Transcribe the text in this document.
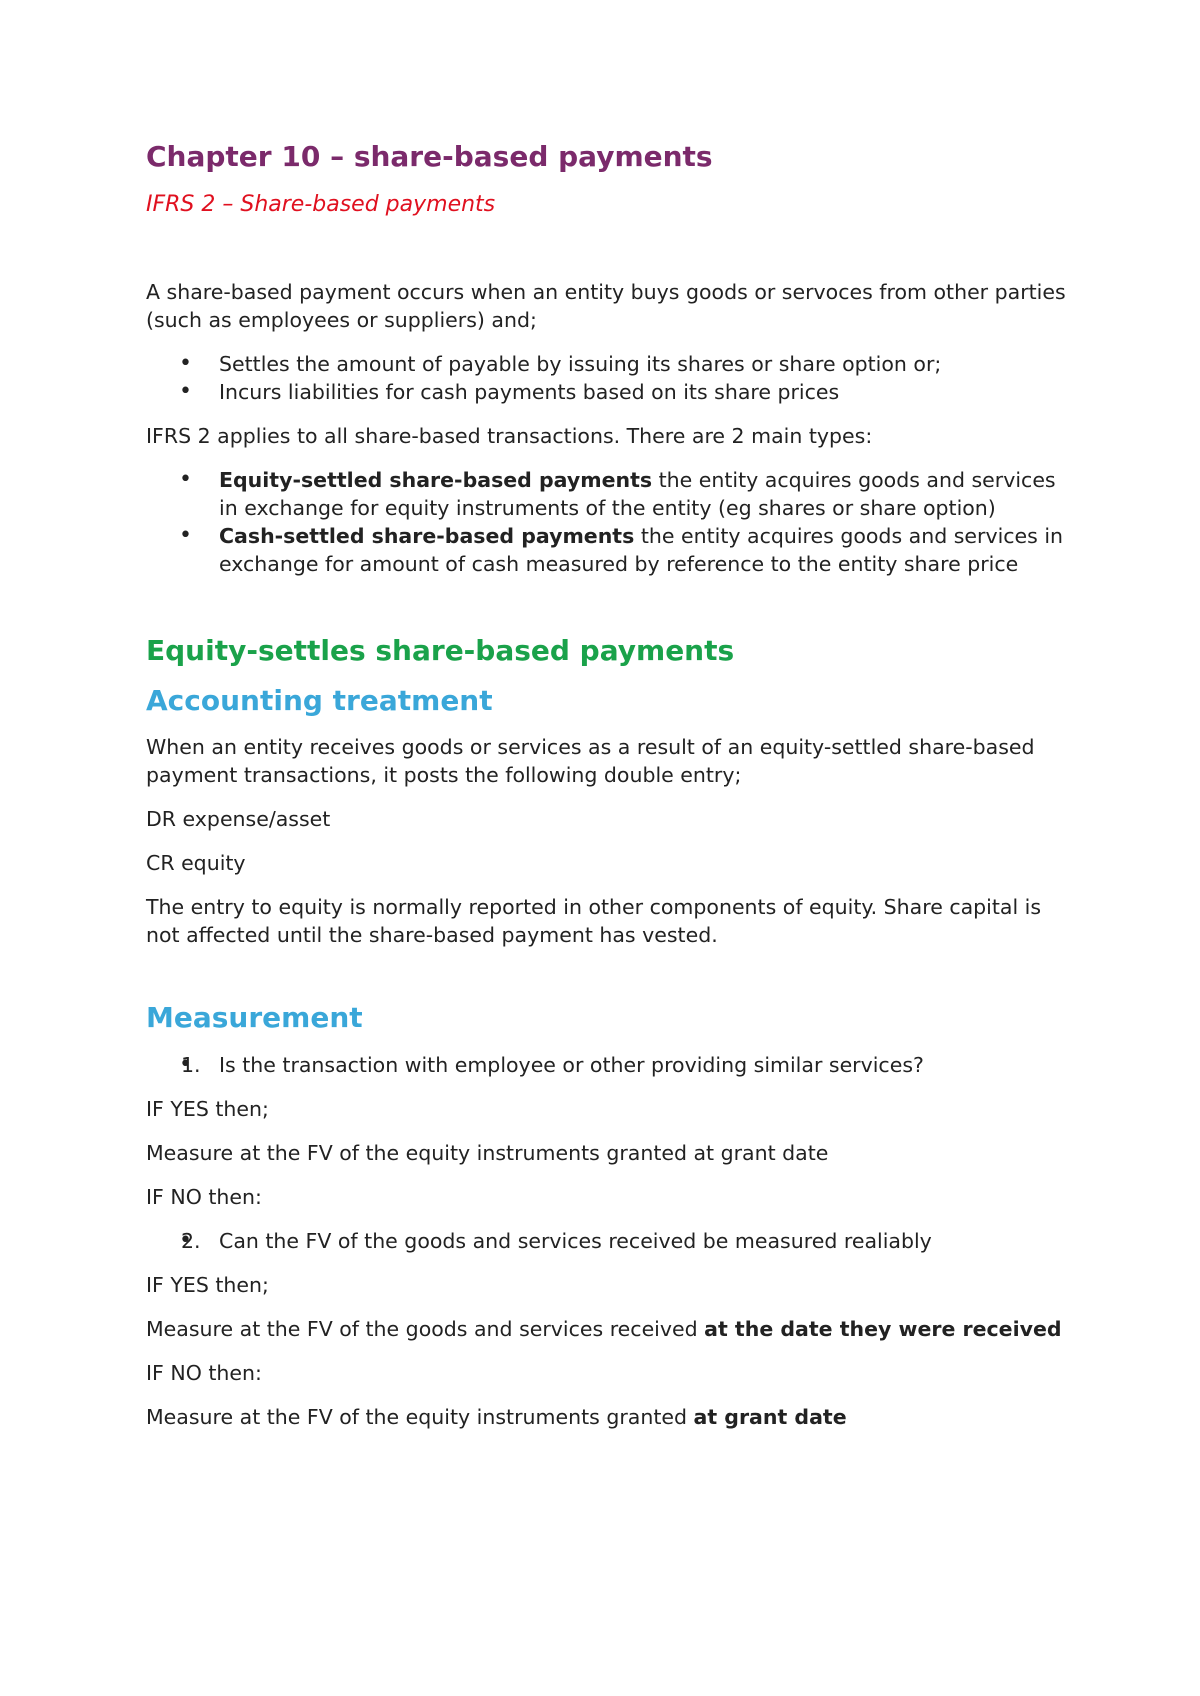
Chapter 10 – share-based payments
IFRS 2 – Share-based payments

A share-based payment occurs when an entity buys goods or servoces from other parties (such as employees or suppliers) and;

• Settles the amount of payable by issuing its shares or share option or;
• Incurs liabilities for cash payments based on its share prices

IFRS 2 applies to all share-based transactions. There are 2 main types:

• Equity-settled share-based payments the entity acquires goods and services in exchange for equity instruments of the entity (eg shares or share option)
• Cash-settled share-based payments the entity acquires goods and services in exchange for amount of cash measured by reference to the entity share price
Equity-settles share-based payments
Accounting treatment

When an entity receives goods or services as a result of an equity-settled share-based payment transactions, it posts the following double entry;

DR expense/asset

CR equity

The entry to equity is normally reported in other components of equity. Share capital is not affected until the share-based payment has vested.

Measurement
• 1. Is the transaction with employee or other providing similar services?

IF YES then;

Measure at the FV of the equity instruments granted at grant date

IF NO then:

• 2. Can the FV of the goods and services received be measured realiably

IF YES then;

Measure at the FV of the goods and services received at the date they were received

IF NO then:

Measure at the FV of the equity instruments granted at grant date
